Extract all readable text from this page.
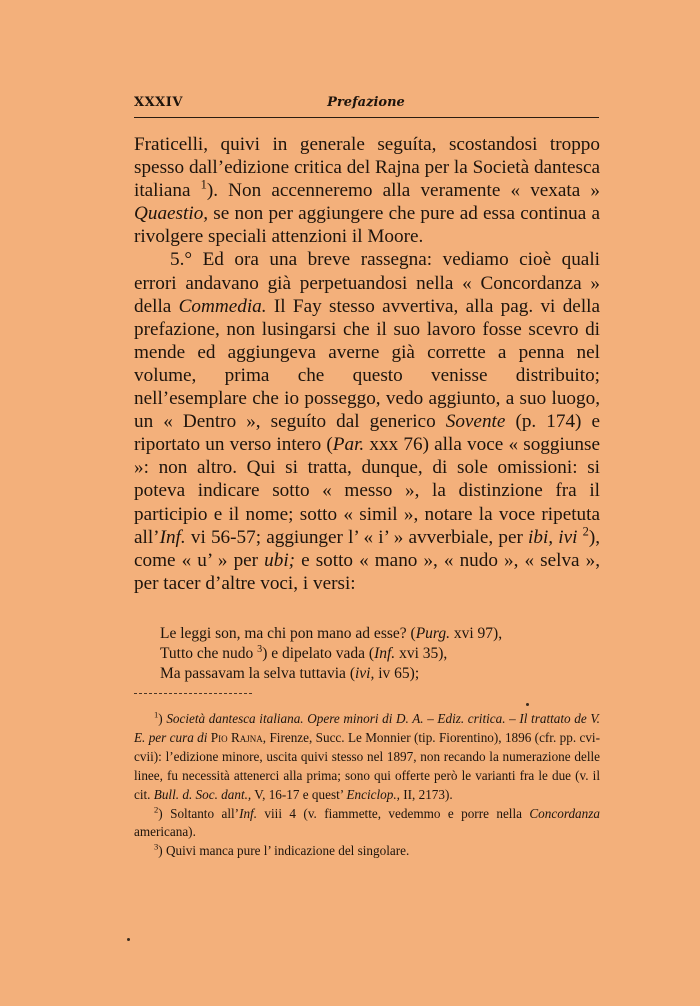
XXXIV	Prefazione

Fraticelli, quivi in generale seguíta, scostandosi troppo spesso dall’edizione critica del Rajna per la Società dantesca italiana $^1$). Non accenneremo alla veramente « vexata » Quaestio, se non per aggiungere che pure ad essa continua a rivolgere speciali attenzioni il Moore.

5.° Ed ora una breve rassegna: vediamo cioè quali errori andavano già perpetuandosi nella « Concordanza » della Commedia. Il Fay stesso avvertiva, alla pag. vi della prefazione, non lusingarsi che il suo lavoro fosse scevro di mende ed aggiungeva averne già corrette a penna nel volume, prima che questo venisse distribuito; nell’esemplare che io posseggo, vedo aggiunto, a suo luogo, un « Dentro », seguíto dal generico Sovente (p. 174) e riportato un verso intero (Par. xxx 76) alla voce « soggiunse »: non altro. Qui si tratta, dunque, di sole omissioni: si poteva indicare sotto « messo », la distinzione fra il participio e il nome; sotto « simil », notare la voce ripetuta all’Inf. vi 56-57; aggiunger l’ « i’ » avverbiale, per ibi, ivi $^2$), come « u’ » per ubi; e sotto « mano », « nudo », « selva », per tacer d’altre voci, i versi:

Le leggi son, ma chi pon mano ad esse? (Purg. xvi 97),
Tutto che nudo $^3$) e dipelato vada (Inf. xvi 35),
Ma passavam la selva tuttavia (ivi, iv 65);

$^1$) Società dantesca italiana. Opere minori di D. A. – Ediz. critica. – Il trattato de V. E. per cura di Pio Rajna, Firenze, Succ. Le Monnier (tip. Fiorentino), 1896 (cfr. pp. cvi-cvii): l’edizione minore, uscita quivi stesso nel 1897, non recando la numerazione delle linee, fu necessità attenerci alla prima; sono qui offerte però le varianti fra le due (v. il cit. Bull. d. Soc. dant., V, 16-17 e quest’ Enciclop., II, 2173).

$^2$) Soltanto all’Inf. viii 4 (v. fiammette, vedemmo e porre nella Concordanza americana).

$^3$) Quivi manca pure l’ indicazione del singolare.
